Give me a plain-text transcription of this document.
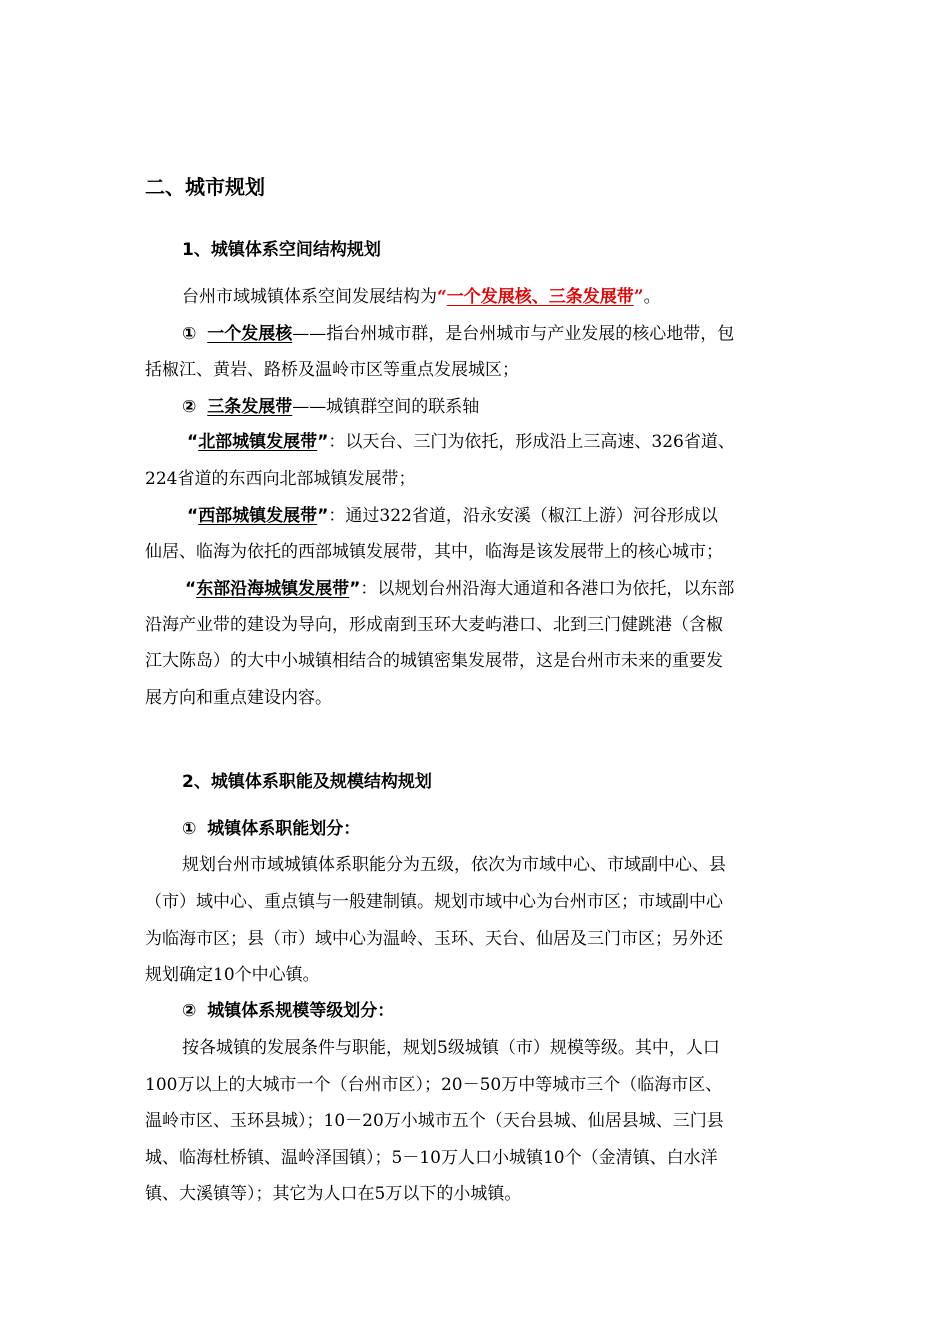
二、城市规划
1、城镇体系空间结构规划
台州市域城镇体系空间发展结构为“一个发展核、三条发展带”。
① 一个发展核——指台州城市群，是台州城市与产业发展的核心地带，包
括椒江、黄岩、路桥及温岭市区等重点发展城区；
② 三条发展带——城镇群空间的联系轴
“北部城镇发展带”：以天台、三门为依托，形成沿上三高速、326省道、
224省道的东西向北部城镇发展带；
“西部城镇发展带”：通过322省道，沿永安溪（椒江上游）河谷形成以
仙居、临海为依托的西部城镇发展带，其中，临海是该发展带上的核心城市；
“东部沿海城镇发展带”：以规划台州沿海大通道和各港口为依托，以东部
沿海产业带的建设为导向，形成南到玉环大麦屿港口、北到三门健跳港（含椒
江大陈岛）的大中小城镇相结合的城镇密集发展带，这是台州市未来的重要发
展方向和重点建设内容。
2、城镇体系职能及规模结构规划
① 城镇体系职能划分：
规划台州市域城镇体系职能分为五级，依次为市域中心、市域副中心、县
（市）域中心、重点镇与一般建制镇。规划市域中心为台州市区；市域副中心
为临海市区；县（市）域中心为温岭、玉环、天台、仙居及三门市区；另外还
规划确定10个中心镇。
② 城镇体系规模等级划分：
按各城镇的发展条件与职能，规划5级城镇（市）规模等级。其中，人口
100万以上的大城市一个（台州市区）；20－50万中等城市三个（临海市区、
温岭市区、玉环县城）；10－20万小城市五个（天台县城、仙居县城、三门县
城、临海杜桥镇、温岭泽国镇）；5－10万人口小城镇10个（金清镇、白水洋
镇、大溪镇等）；其它为人口在5万以下的小城镇。
